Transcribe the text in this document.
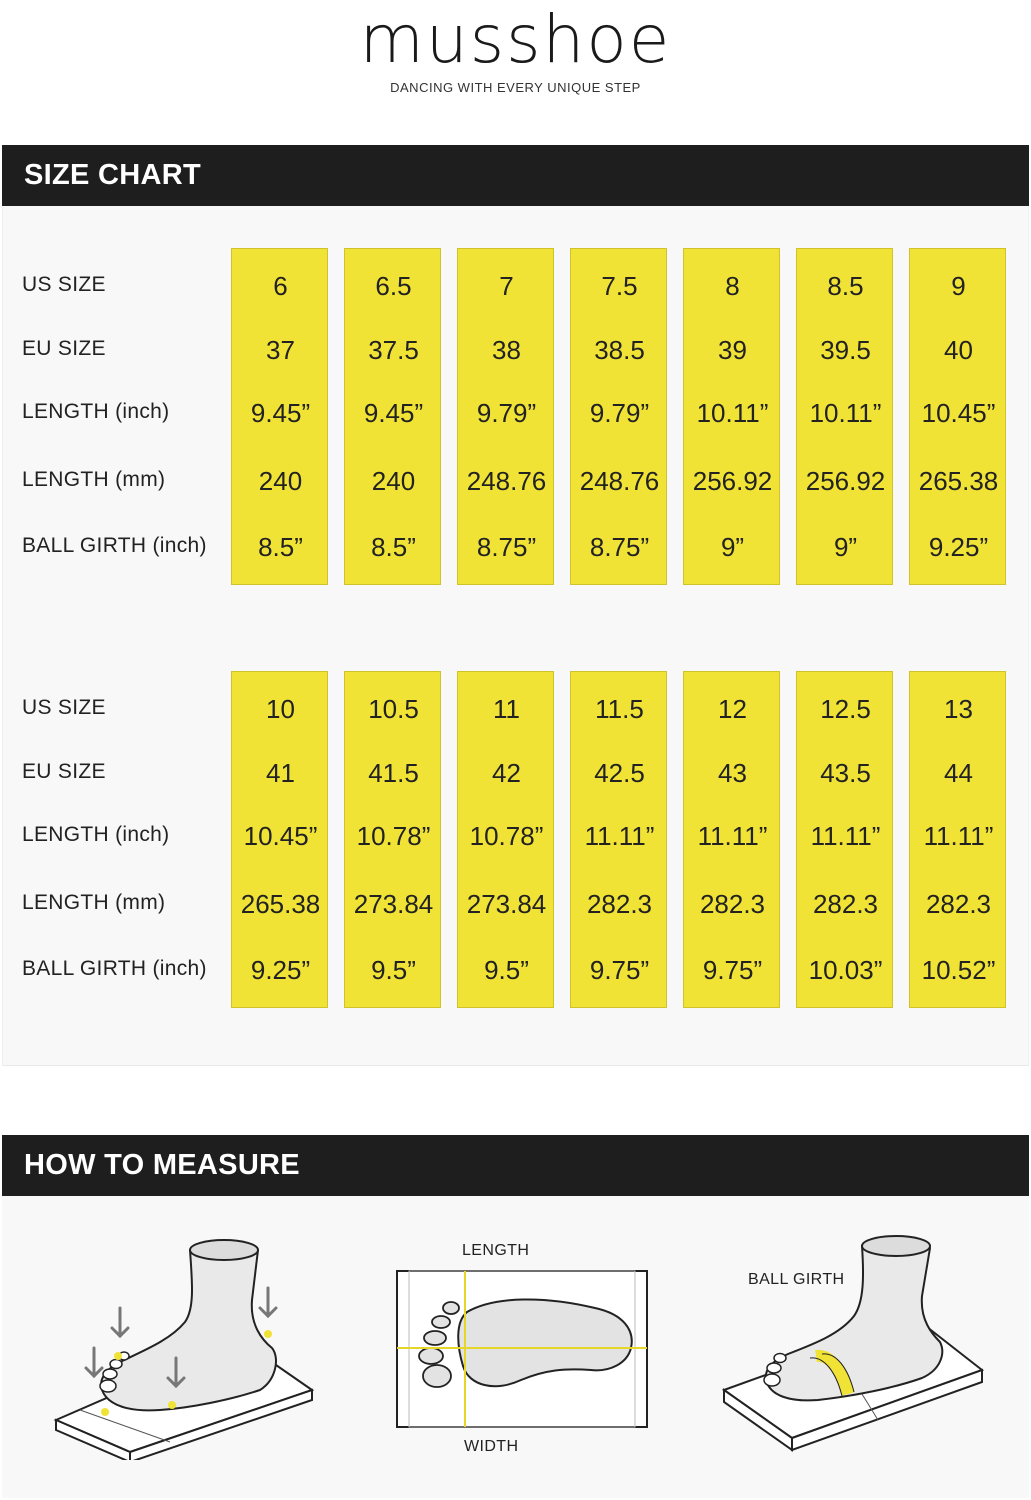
musshoe
DANCING WITH EVERY UNIQUE STEP
SIZE CHART
US SIZE
EU SIZE
LENGTH (inch)
LENGTH (mm)
BALL GIRTH (inch)
6
37
9.45”
240
8.5”
6.5
37.5
9.45”
240
8.5”
7
38
9.79”
248.76
8.75”
7.5
38.5
9.79”
248.76
8.75”
8
39
10.11”
256.92
9”
8.5
39.5
10.11”
256.92
9”
9
40
10.45”
265.38
9.25”
US SIZE
EU SIZE
LENGTH (inch)
LENGTH (mm)
BALL GIRTH (inch)
10
41
10.45”
265.38
9.25”
10.5
41.5
10.78”
273.84
9.5”
11
42
10.78”
273.84
9.5”
11.5
42.5
11.11”
282.3
9.75”
12
43
11.11”
282.3
9.75”
12.5
43.5
11.11”
282.3
10.03”
13
44
11.11”
282.3
10.52”
HOW TO MEASURE
LENGTH
WIDTH
BALL GIRTH
